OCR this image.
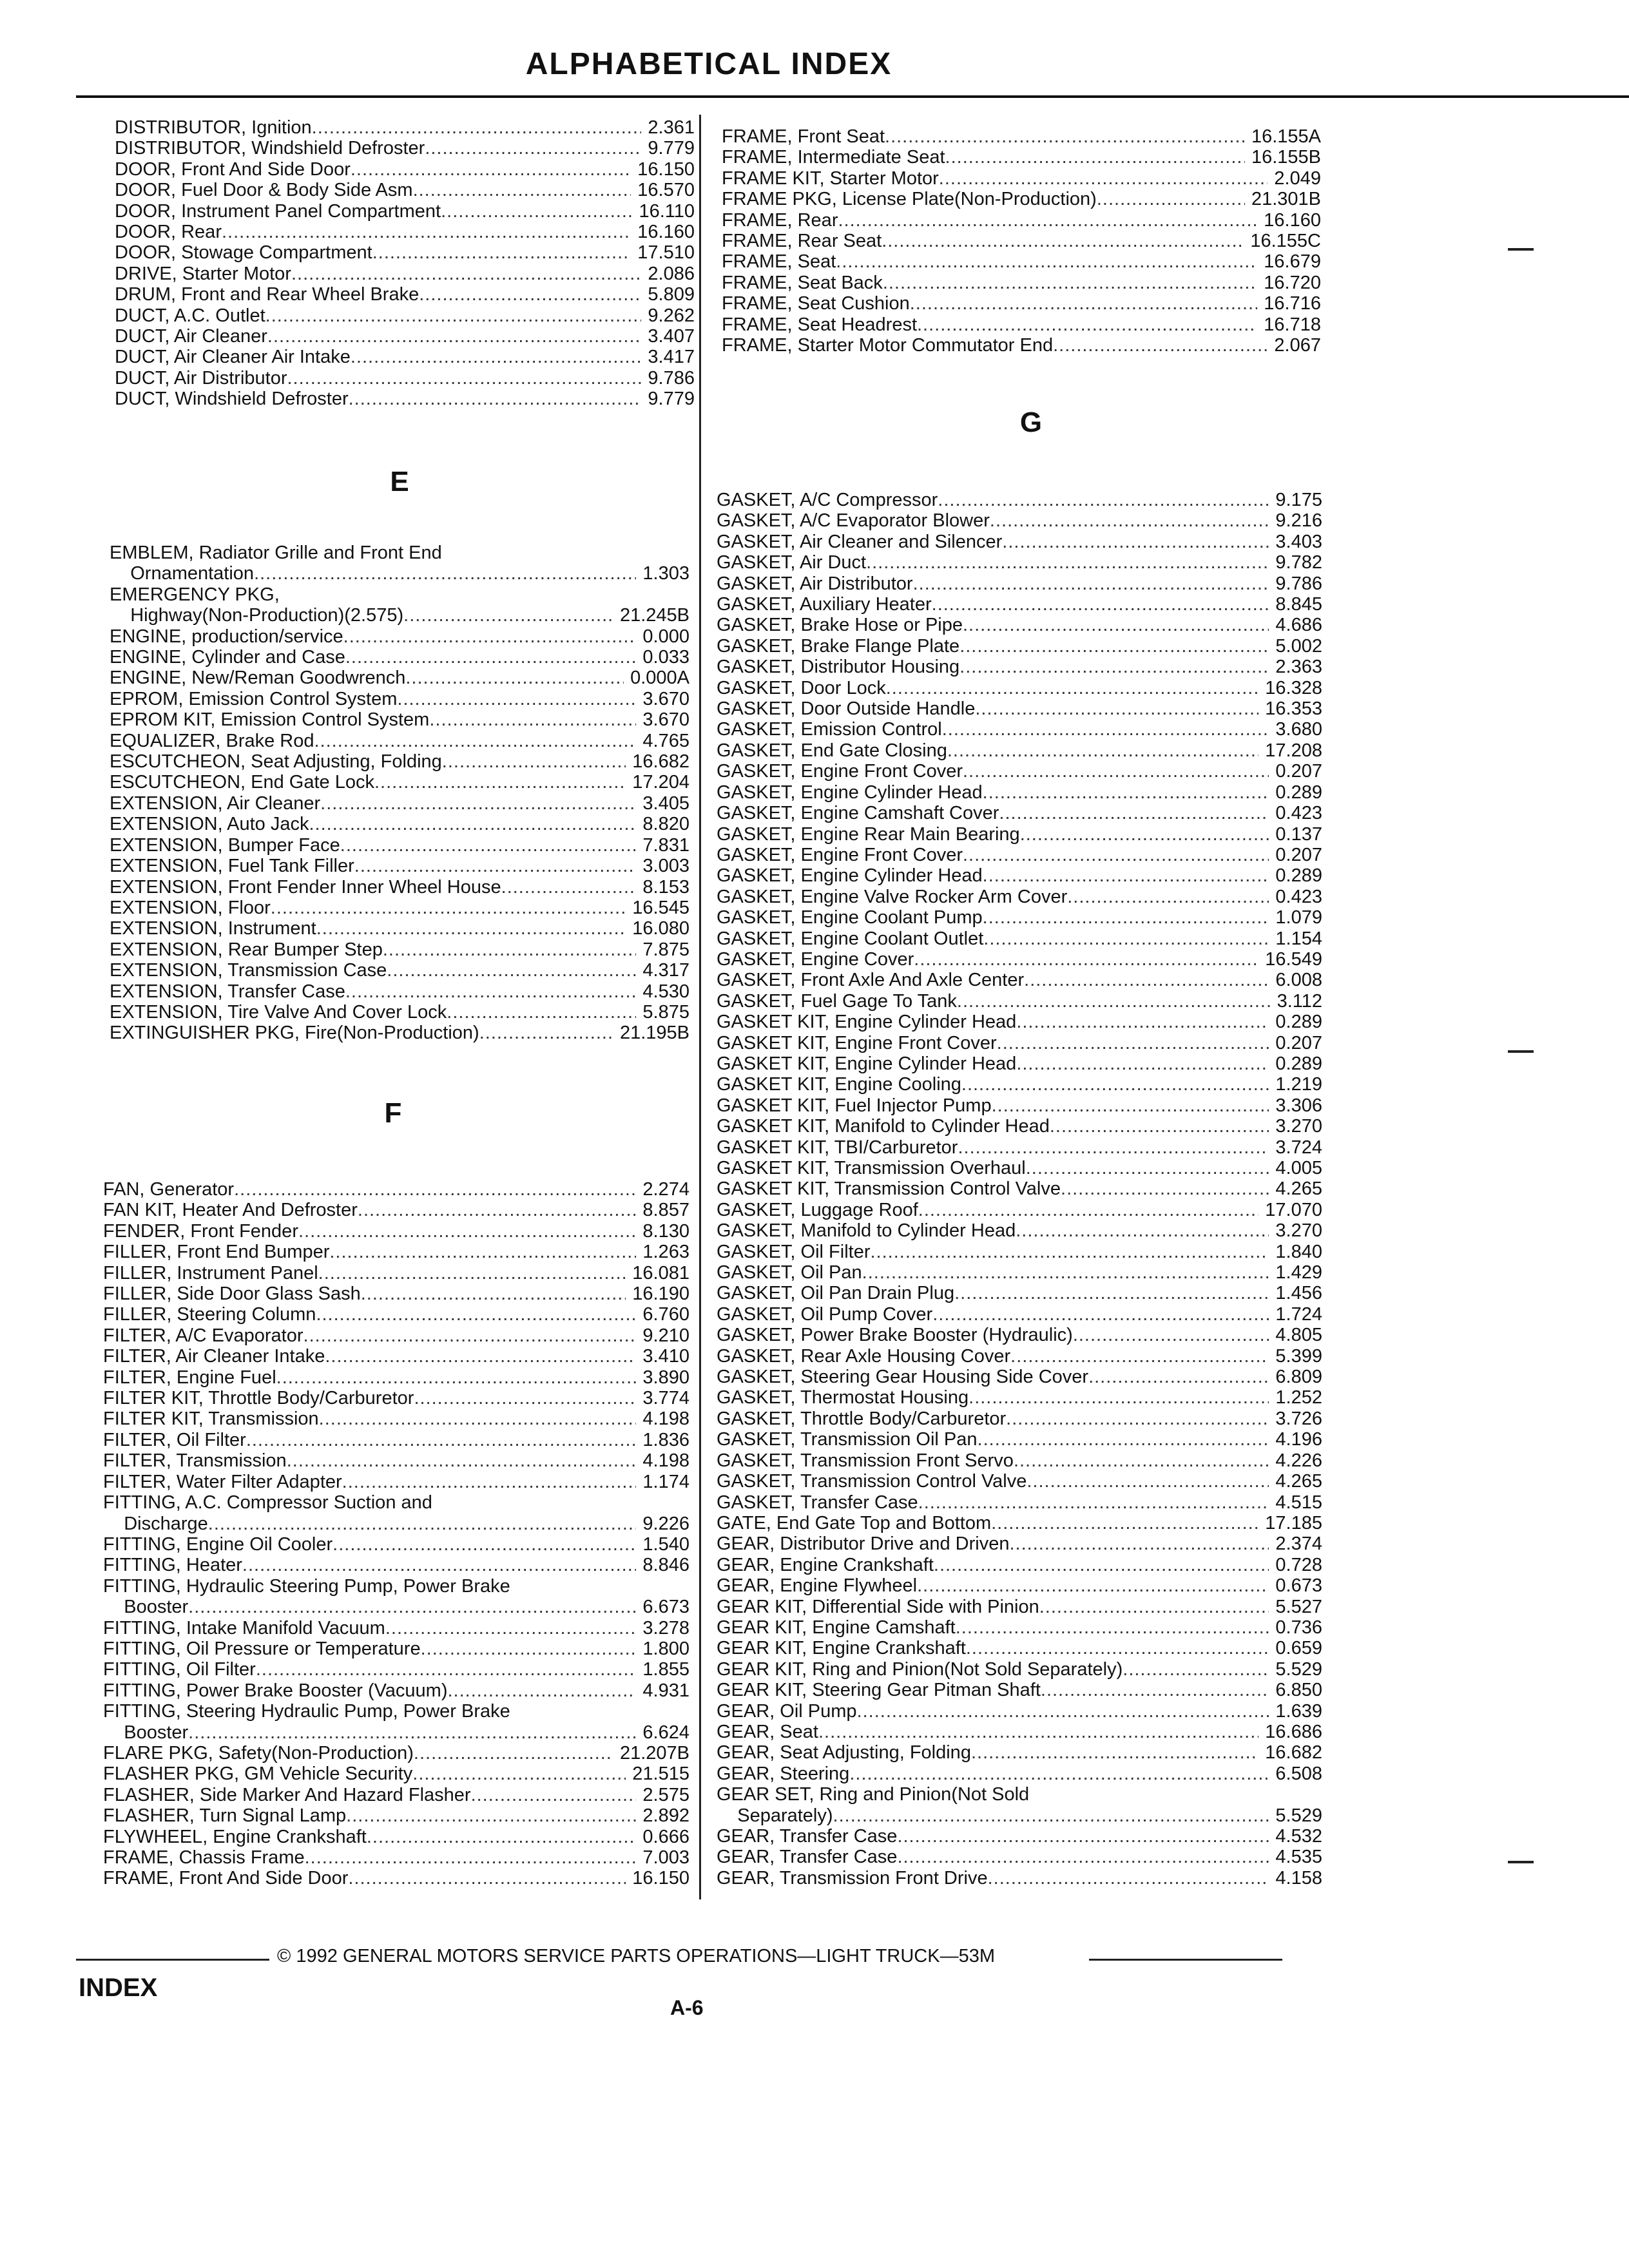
ALPHABETICAL INDEX
DISTRIBUTOR, Ignition .....	2.361
DISTRIBUTOR, Windshield Defroster .....	9.779
DOOR, Front And Side Door .....	16.150
DOOR, Fuel Door & Body Side Asm .....	16.570
DOOR, Instrument Panel Compartment .....	16.110
DOOR, Rear .....	16.160
DOOR, Stowage Compartment .....	17.510
DRIVE, Starter Motor .....	2.086
DRUM, Front and Rear Wheel Brake .....	5.809
DUCT, A.C. Outlet .....	9.262
DUCT, Air Cleaner .....	3.407
DUCT, Air Cleaner Air Intake .....	3.417
DUCT, Air Distributor .....	9.786
DUCT, Windshield Defroster .....	9.779
E
EMBLEM, Radiator Grille and Front End
Ornamentation .....	1.303
EMERGENCY PKG,
Highway(Non-Production)(2.575) .....	21.245B
ENGINE, production/service .....	0.000
ENGINE, Cylinder and Case .....	0.033
ENGINE, New/Reman Goodwrench .....	0.000A
EPROM, Emission Control System .....	3.670
EPROM KIT, Emission Control System .....	3.670
EQUALIZER, Brake Rod .....	4.765
ESCUTCHEON, Seat Adjusting, Folding .....	16.682
ESCUTCHEON, End Gate Lock .....	17.204
EXTENSION, Air Cleaner .....	3.405
EXTENSION, Auto Jack .....	8.820
EXTENSION, Bumper Face .....	7.831
EXTENSION, Fuel Tank Filler .....	3.003
EXTENSION, Front Fender Inner Wheel House .....	8.153
EXTENSION, Floor .....	16.545
EXTENSION, Instrument .....	16.080
EXTENSION, Rear Bumper Step .....	7.875
EXTENSION, Transmission Case .....	4.317
EXTENSION, Transfer Case .....	4.530
EXTENSION, Tire Valve And Cover Lock .....	5.875
EXTINGUISHER PKG, Fire(Non-Production) .....	21.195B
F
FAN, Generator .....	2.274
FAN KIT, Heater And Defroster .....	8.857
FENDER, Front Fender .....	8.130
FILLER, Front End Bumper .....	1.263
FILLER, Instrument Panel .....	16.081
FILLER, Side Door Glass Sash .....	16.190
FILLER, Steering Column .....	6.760
FILTER, A/C Evaporator .....	9.210
FILTER, Air Cleaner Intake .....	3.410
FILTER, Engine Fuel .....	3.890
FILTER KIT, Throttle Body/Carburetor .....	3.774
FILTER KIT, Transmission .....	4.198
FILTER, Oil Filter .....	1.836
FILTER, Transmission .....	4.198
FILTER, Water Filter Adapter .....	1.174
FITTING, A.C. Compressor Suction and
Discharge .....	9.226
FITTING, Engine Oil Cooler .....	1.540
FITTING, Heater .....	8.846
FITTING, Hydraulic Steering Pump, Power Brake
Booster .....	6.673
FITTING, Intake Manifold Vacuum .....	3.278
FITTING, Oil Pressure or Temperature .....	1.800
FITTING, Oil Filter .....	1.855
FITTING, Power Brake Booster (Vacuum) .....	4.931
FITTING, Steering Hydraulic Pump, Power Brake
Booster .....	6.624
FLARE PKG, Safety(Non-Production) .....	21.207B
FLASHER PKG, GM Vehicle Security .....	21.515
FLASHER, Side Marker And Hazard Flasher .....	2.575
FLASHER, Turn Signal Lamp .....	2.892
FLYWHEEL, Engine Crankshaft .....	0.666
FRAME, Chassis Frame .....	7.003
FRAME, Front And Side Door .....	16.150
FRAME, Front Seat .....	16.155A
FRAME, Intermediate Seat .....	16.155B
FRAME KIT, Starter Motor .....	2.049
FRAME PKG, License Plate(Non-Production) .....	21.301B
FRAME, Rear .....	16.160
FRAME, Rear Seat .....	16.155C
FRAME, Seat .....	16.679
FRAME, Seat Back .....	16.720
FRAME, Seat Cushion .....	16.716
FRAME, Seat Headrest .....	16.718
FRAME, Starter Motor Commutator End .....	2.067
G
GASKET, A/C Compressor .....	9.175
GASKET, A/C Evaporator Blower .....	9.216
GASKET, Air Cleaner and Silencer .....	3.403
GASKET, Air Duct .....	9.782
GASKET, Air Distributor .....	9.786
GASKET, Auxiliary Heater .....	8.845
GASKET, Brake Hose or Pipe .....	4.686
GASKET, Brake Flange Plate .....	5.002
GASKET, Distributor Housing .....	2.363
GASKET, Door Lock .....	16.328
GASKET, Door Outside Handle .....	16.353
GASKET, Emission Control .....	3.680
GASKET, End Gate Closing .....	17.208
GASKET, Engine Front Cover .....	0.207
GASKET, Engine Cylinder Head .....	0.289
GASKET, Engine Camshaft Cover .....	0.423
GASKET, Engine Rear Main Bearing .....	0.137
GASKET, Engine Front Cover .....	0.207
GASKET, Engine Cylinder Head .....	0.289
GASKET, Engine Valve Rocker Arm Cover .....	0.423
GASKET, Engine Coolant Pump .....	1.079
GASKET, Engine Coolant Outlet .....	1.154
GASKET, Engine Cover .....	16.549
GASKET, Front Axle And Axle Center .....	6.008
GASKET, Fuel Gage To Tank .....	3.112
GASKET KIT, Engine Cylinder Head .....	0.289
GASKET KIT, Engine Front Cover .....	0.207
GASKET KIT, Engine Cylinder Head .....	0.289
GASKET KIT, Engine Cooling .....	1.219
GASKET KIT, Fuel Injector Pump .....	3.306
GASKET KIT, Manifold to Cylinder Head .....	3.270
GASKET KIT, TBI/Carburetor .....	3.724
GASKET KIT, Transmission Overhaul .....	4.005
GASKET KIT, Transmission Control Valve .....	4.265
GASKET, Luggage Roof .....	17.070
GASKET, Manifold to Cylinder Head .....	3.270
GASKET, Oil Filter .....	1.840
GASKET, Oil Pan .....	1.429
GASKET, Oil Pan Drain Plug .....	1.456
GASKET, Oil Pump Cover .....	1.724
GASKET, Power Brake Booster (Hydraulic) .....	4.805
GASKET, Rear Axle Housing Cover .....	5.399
GASKET, Steering Gear Housing Side Cover .....	6.809
GASKET, Thermostat Housing .....	1.252
GASKET, Throttle Body/Carburetor .....	3.726
GASKET, Transmission Oil Pan .....	4.196
GASKET, Transmission Front Servo .....	4.226
GASKET, Transmission Control Valve .....	4.265
GASKET, Transfer Case .....	4.515
GATE, End Gate Top and Bottom .....	17.185
GEAR, Distributor Drive and Driven .....	2.374
GEAR, Engine Crankshaft .....	0.728
GEAR, Engine Flywheel .....	0.673
GEAR KIT, Differential Side with Pinion .....	5.527
GEAR KIT, Engine Camshaft .....	0.736
GEAR KIT, Engine Crankshaft .....	0.659
GEAR KIT, Ring and Pinion(Not Sold Separately) .....	5.529
GEAR KIT, Steering Gear Pitman Shaft .....	6.850
GEAR, Oil Pump .....	1.639
GEAR, Seat .....	16.686
GEAR, Seat Adjusting, Folding .....	16.682
GEAR, Steering .....	6.508
GEAR SET, Ring and Pinion(Not Sold
Separately) .....	5.529
GEAR, Transfer Case .....	4.532
GEAR, Transfer Case .....	4.535
GEAR, Transmission Front Drive .....	4.158
© 1992 GENERAL MOTORS SERVICE PARTS OPERATIONS—LIGHT TRUCK—53M
INDEX
A-6
